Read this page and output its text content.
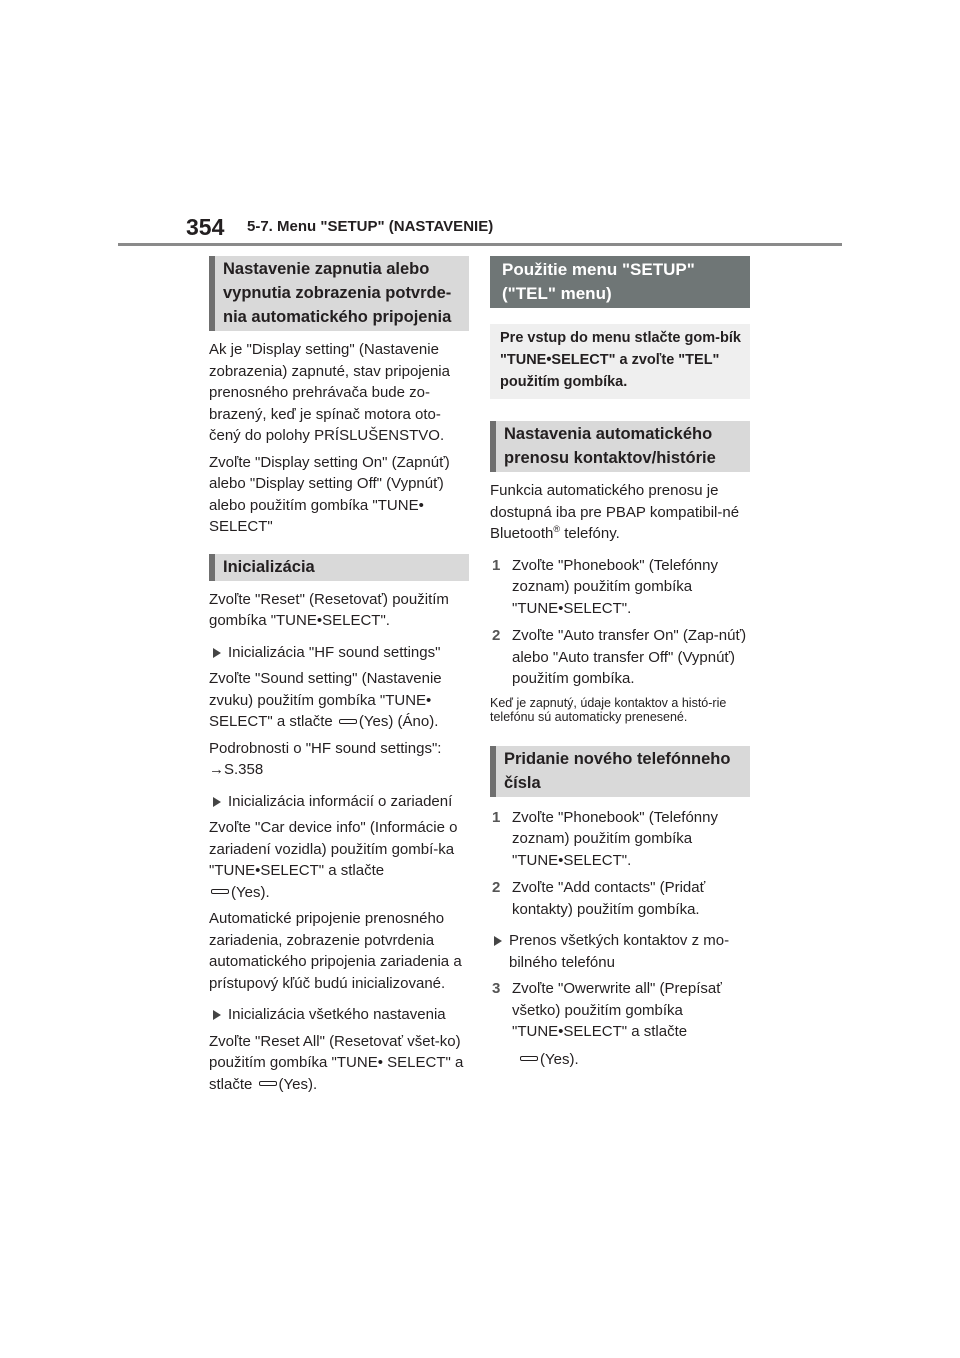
354 5-7. Menu "SETUP" (NASTAVENIE)
Nastavenie zapnutia alebo vypnutia zobrazenia potvrde-nia automatického pripojenia

Ak je "Display setting" (Nastavenie zobrazenia) zapnuté, stav pripojenia prenosného prehrávača bude zo-brazený, keď je spínač motora oto-čený do polohy PRÍSLUŠENSTVO.

Zvoľte "Display setting On" (Zapnúť) alebo "Display setting Off" (Vypnúť) alebo použitím gombíka "TUNE• SELECT"

Inicializácia

Zvoľte "Reset" (Resetovať) použitím gombíka "TUNE•SELECT".

Inicializácia "HF sound settings"

Zvoľte "Sound setting" (Nastavenie zvuku) použitím gombíka "TUNE• SELECT" a stlačte (Yes) (Áno).

Podrobnosti o "HF sound settings":
→S.358

Inicializácia informácií o zariadení

Zvoľte "Car device info" (Informácie o zariadení vozidla) použitím gombí-ka "TUNE•SELECT" a stlačte
(Yes).

Automatické pripojenie prenosného zariadenia, zobrazenie potvrdenia automatického pripojenia zariadenia a prístupový kľúč budú inicializované.

Inicializácia všetkého nastavenia

Zvoľte "Reset All" (Resetovať všet-ko) použitím gombíka "TUNE• SELECT" a stlačte (Yes).

Použitie menu "SETUP" ("TEL" menu)
Pre vstup do menu stlačte gom-bík "TUNE•SELECT" a zvoľte "TEL" použitím gombíka.
Nastavenia automatického prenosu kontaktov/histórie

Funkcia automatického prenosu je dostupná iba pre PBAP kompatibil-né Bluetooth® telefóny.

1 Zvoľte "Phonebook" (Telefónny zoznam) použitím gombíka "TUNE•SELECT".
2 Zvoľte "Auto transfer On" (Zap-núť) alebo "Auto transfer Off" (Vypnúť) použitím gombíka.
Keď je zapnutý, údaje kontaktov a histó-rie telefónu sú automaticky prenesené.
Pridanie nového telefónneho čísla
1 Zvoľte "Phonebook" (Telefónny zoznam) použitím gombíka "TUNE•SELECT".
2 Zvoľte "Add contacts" (Pridať kontakty) použitím gombíka.
Prenos všetkých kontaktov z mo-bilného telefónu
3 Zvoľte "Owerwrite all" (Prepísať všetko) použitím gombíka "TUNE•SELECT" a stlačte

(Yes).
